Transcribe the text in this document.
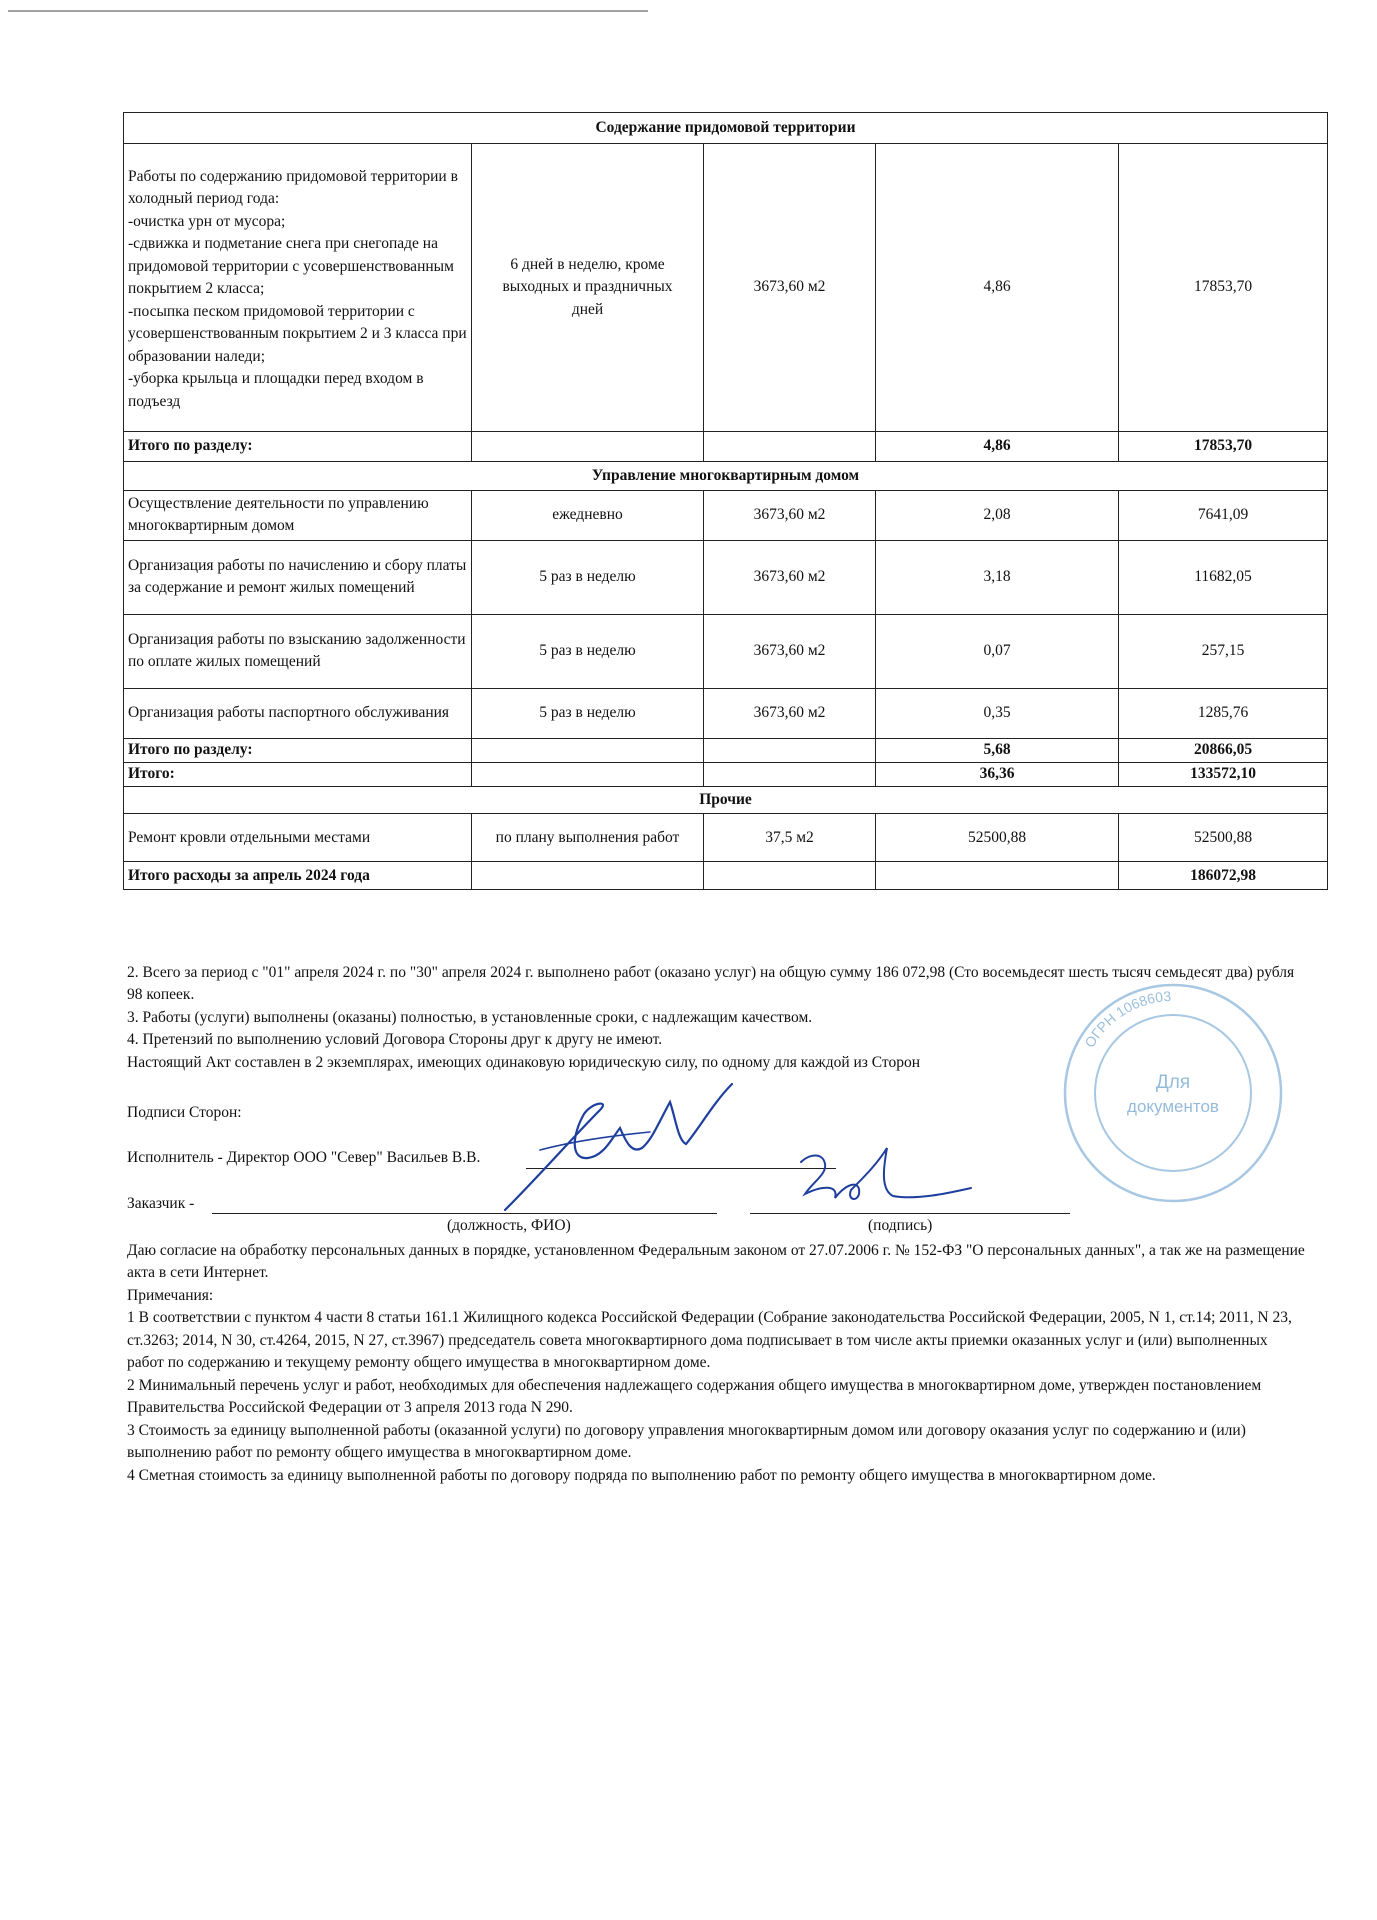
Содержание придомовой территории				
Работы по содержанию придомовой территории в холодный период года:
-очистка урн от мусора;
-сдвижка и подметание снега при снегопаде на придомовой территории с усовершенствованным покрытием 2 класса;
-посыпка песком придомовой территории с усовершенствованным покрытием 2 и 3 класса при образовании наледи;
-уборка крыльца и площадки перед входом в подъезд	6 дней в неделю, кроме выходных и праздничных дней	3673,60 м2	4,86	17853,70
Итого по разделу:			4,86	17853,70
Управление многоквартирным домом				
Осуществление деятельности по управлению многоквартирным домом	ежедневно	3673,60 м2	2,08	7641,09
Организация работы по начислению и сбору платы за содержание и ремонт жилых помещений	5 раз в неделю	3673,60 м2	3,18	11682,05
Организация работы по взысканию задолженности по оплате жилых помещений	5 раз в неделю	3673,60 м2	0,07	257,15
Организация работы паспортного обслуживания	5 раз в неделю	3673,60 м2	0,35	1285,76
Итого по разделу:			5,68	20866,05
Итого:			36,36	133572,10
Прочие				
Ремонт кровли отдельными местами	по плану выполнения работ	37,5 м2	52500,88	52500,88
Итого расходы за апрель 2024 года				186072,98

2. Всего за период с "01" апреля 2024 г. по "30" апреля 2024 г. выполнено работ (оказано услуг) на общую сумму 186 072,98 (Сто восемьдесят шесть тысяч семьдесят два) рубля 98 копеек.

3. Работы (услуги) выполнены (оказаны) полностью, в установленные сроки, с надлежащим качеством.

4. Претензий по выполнению условий Договора Стороны друг к другу не имеют.

Настоящий Акт составлен в 2 экземплярах, имеющих одинаковую юридическую силу, по одному для каждой из Сторон

Подписи Сторон:
Исполнитель - Директор ООО "Север" Васильев В.В.
Заказчик -
(должность, ФИО)	(подпись)

Даю согласие на обработку персональных данных в порядке, установленном Федеральным законом от 27.07.2006 г. № 152-ФЗ "О персональных данных", а так же на размещение акта в сети Интернет.

Примечания:

1 В соответствии с пунктом 4 части 8 статьи 161.1 Жилищного кодекса Российской Федерации (Собрание законодательства Российской Федерации, 2005, N 1, ст.14; 2011, N 23, ст.3263; 2014, N 30, ст.4264, 2015, N 27, ст.3967) председатель совета многоквартирного дома подписывает в том числе акты приемки оказанных услуг и (или) выполненных работ по содержанию и текущему ремонту общего имущества в многоквартирном доме.

2 Минимальный перечень услуг и работ, необходимых для обеспечения надлежащего содержания общего имущества в многоквартирном доме, утвержден постановлением Правительства Российской Федерации от 3 апреля 2013 года N 290.

3 Стоимость за единицу выполненной работы (оказанной услуги) по договору управления многоквартирным домом или договору оказания услуг по содержанию и (или) выполнению работ по ремонту общего имущества в многоквартирном доме.

4 Сметная стоимость за единицу выполненной работы по договору подряда по выполнению работ по ремонту общего имущества в многоквартирном доме.

ОГРН 1068603
Для
документов
